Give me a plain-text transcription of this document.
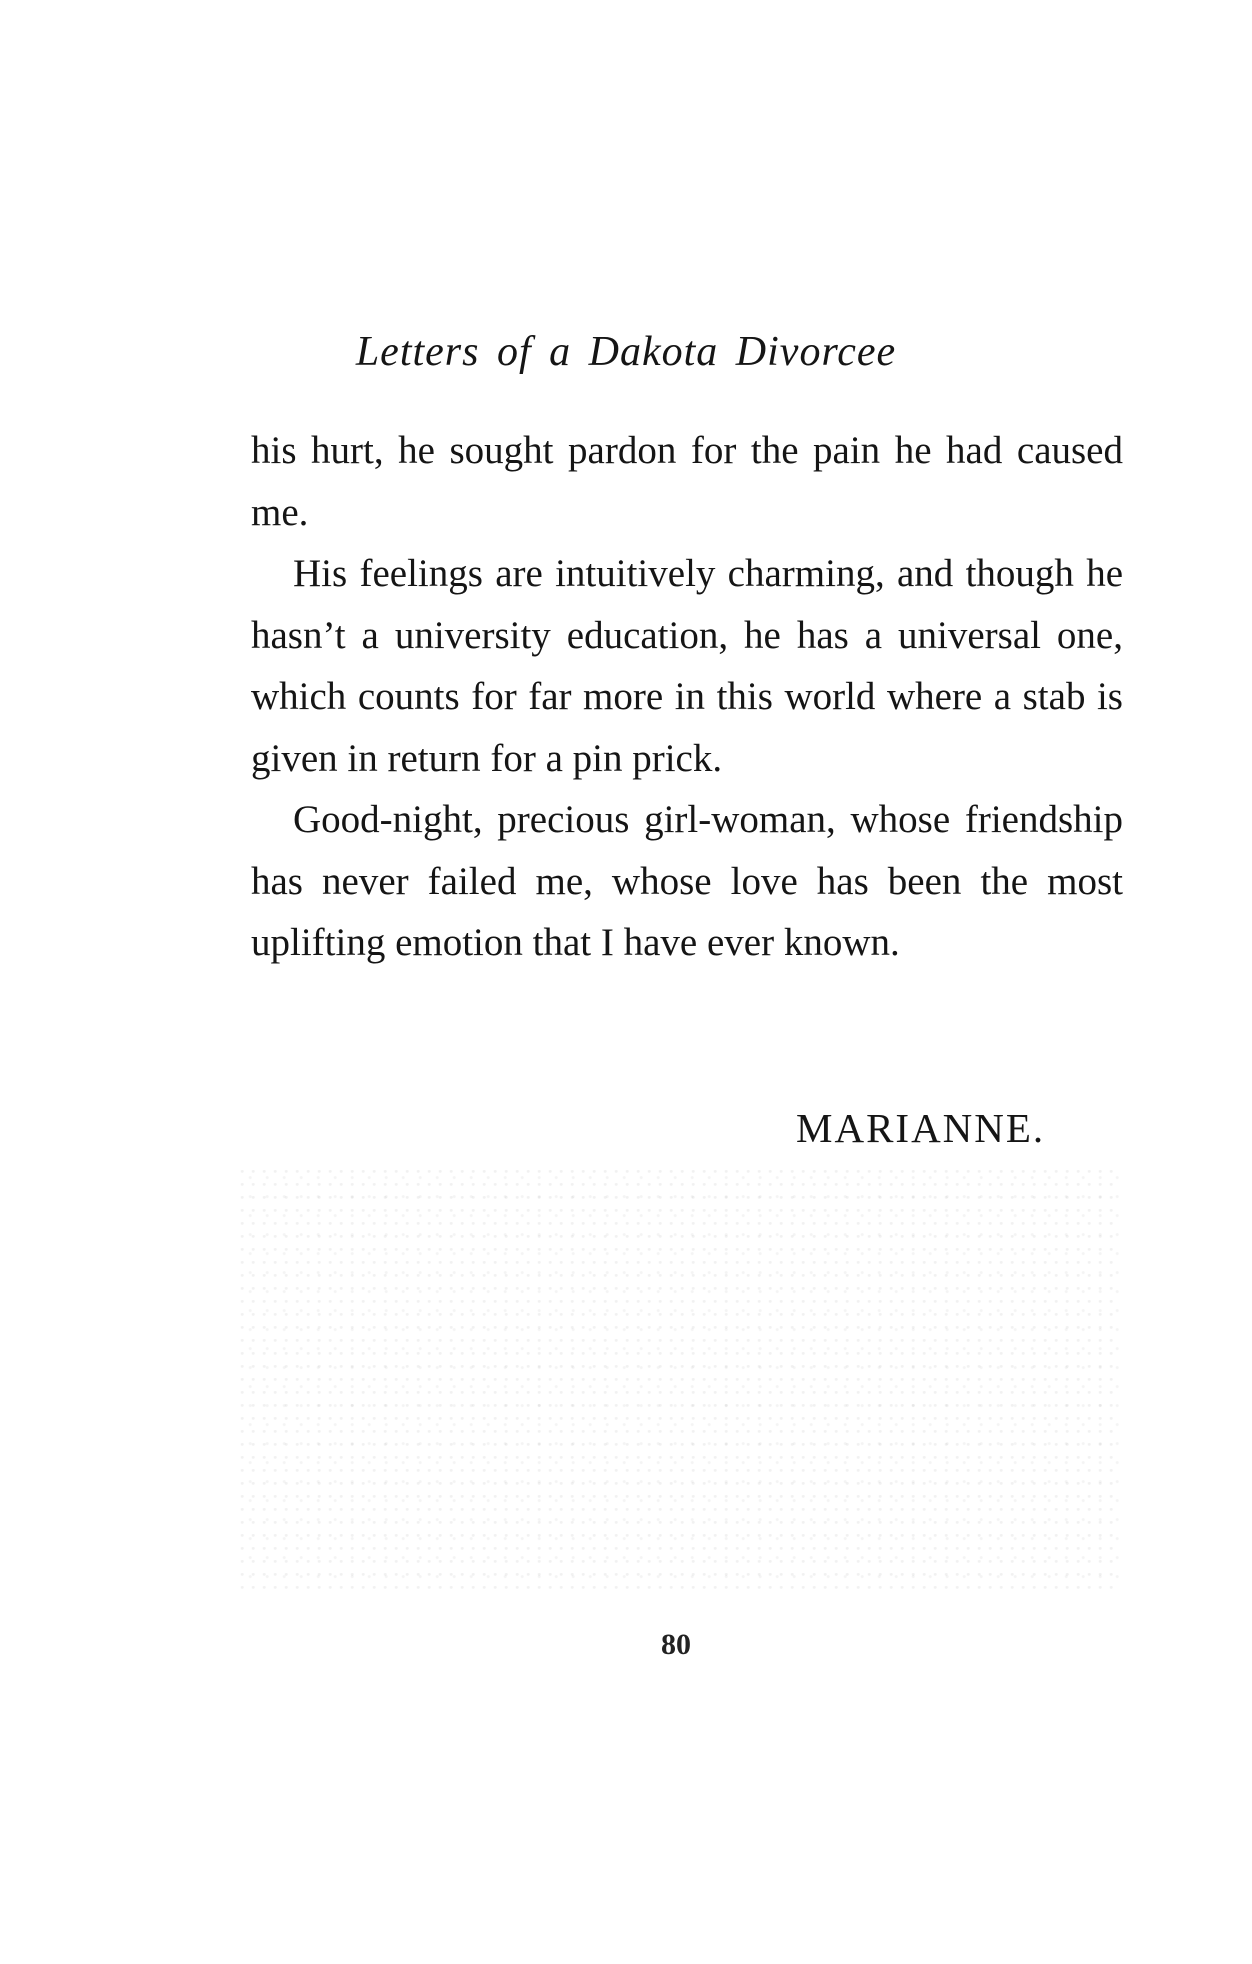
Letters of a Dakota Divorcee

his hurt, he sought pardon for the pain he had caused me.

His feelings are intuitively charming, and though he hasn’t a university education, he has a universal one, which counts for far more in this world where a stab is given in return for a pin prick.

Good-night, precious girl-woman, whose friendship has never failed me, whose love has been the most uplifting emotion that I have ever known.

MARIANNE.
80
